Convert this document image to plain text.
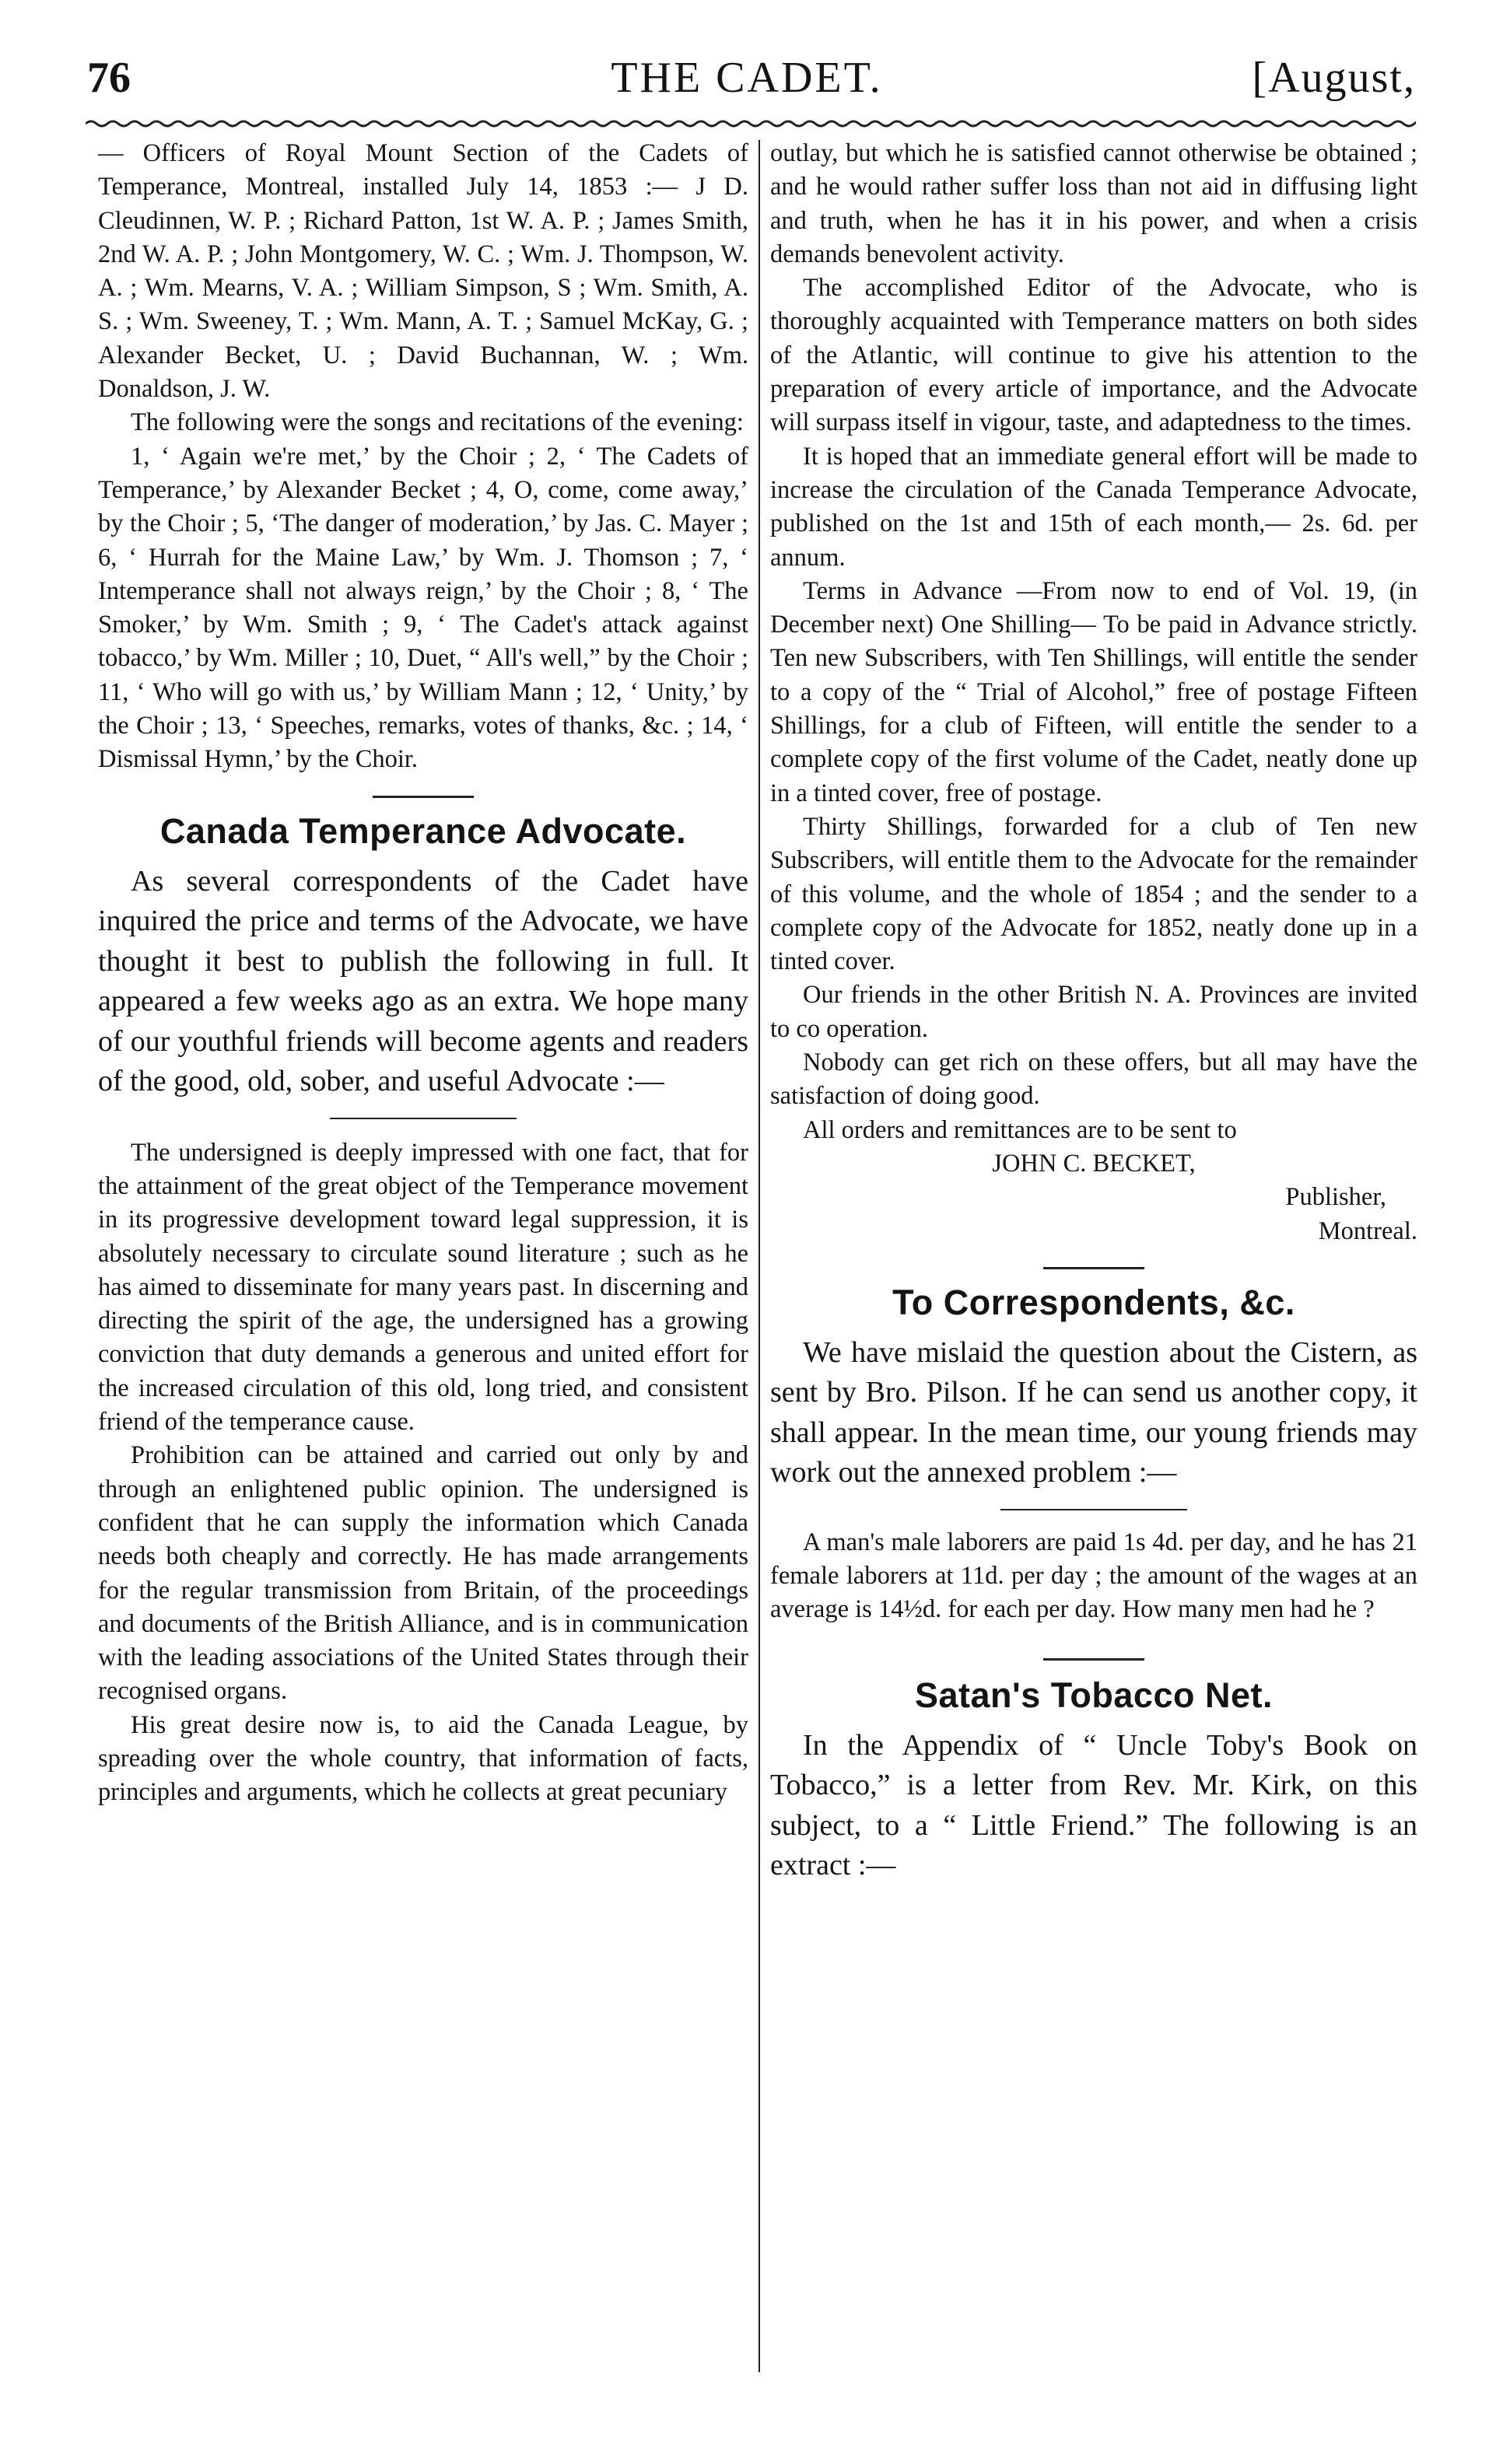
76	THE CADET.	[August,

— Officers of Royal Mount Section of the Cadets of Temperance, Montreal, installed July 14, 1853 :— J D. Cleudinnen, W. P. ; Richard Patton, 1st W. A. P. ; James Smith, 2nd W. A. P. ; John Montgomery, W. C. ; Wm. J. Thompson, W. A. ; Wm. Mearns, V. A. ; William Simpson, S ; Wm. Smith, A. S. ; Wm. Sweeney, T. ; Wm. Mann, A. T. ; Samuel McKay, G. ; Alexander Becket, U. ; David Buchannan, W. ; Wm. Donaldson, J. W.

The following were the songs and recitations of the evening:

1, ‘ Again we're met,’ by the Choir ; 2, ‘ The Cadets of Temperance,’ by Alexander Becket ; 4, O, come, come away,’ by the Choir ; 5, ‘The danger of moderation,’ by Jas. C. Mayer ; 6, ‘ Hurrah for the Maine Law,’ by Wm. J. Thomson ; 7, ‘ Intemperance shall not always reign,’ by the Choir ; 8, ‘ The Smoker,’ by Wm. Smith ; 9, ‘ The Cadet's attack against tobacco,’ by Wm. Miller ; 10, Duet, “ All's well,” by the Choir ; 11, ‘ Who will go with us,’ by William Mann ; 12, ‘ Unity,’ by the Choir ; 13, ‘ Speeches, remarks, votes of thanks, &c. ; 14, ‘ Dismissal Hymn,’ by the Choir.

Canada Temperance Advocate.

As several correspondents of the Cadet have inquired the price and terms of the Advocate, we have thought it best to publish the following in full. It appeared a few weeks ago as an extra. We hope many of our youthful friends will become agents and readers of the good, old, sober, and useful Advocate :—

The undersigned is deeply impressed with one fact, that for the attainment of the great object of the Temperance movement in its progressive development toward legal suppression, it is absolutely necessary to circulate sound literature ; such as he has aimed to disseminate for many years past. In discerning and directing the spirit of the age, the undersigned has a growing conviction that duty demands a generous and united effort for the increased circulation of this old, long tried, and consistent friend of the temperance cause.

Prohibition can be attained and carried out only by and through an enlightened public opinion. The undersigned is confident that he can supply the information which Canada needs both cheaply and correctly. He has made arrangements for the regular transmission from Britain, of the proceedings and documents of the British Alliance, and is in communication with the leading associations of the United States through their recognised organs.

His great desire now is, to aid the Canada League, by spreading over the whole country, that information of facts, principles and arguments, which he collects at great pecuniary

outlay, but which he is satisfied cannot otherwise be obtained ; and he would rather suffer loss than not aid in diffusing light and truth, when he has it in his power, and when a crisis demands benevolent activity.

The accomplished Editor of the Advocate, who is thoroughly acquainted with Temperance matters on both sides of the Atlantic, will continue to give his attention to the preparation of every article of importance, and the Advocate will surpass itself in vigour, taste, and adaptedness to the times.

It is hoped that an immediate general effort will be made to increase the circulation of the Canada Temperance Advocate, published on the 1st and 15th of each month,— 2s. 6d. per annum.

Terms in Advance —From now to end of Vol. 19, (in December next) One Shilling— To be paid in Advance strictly. Ten new Subscribers, with Ten Shillings, will entitle the sender to a copy of the “ Trial of Alcohol,” free of postage Fifteen Shillings, for a club of Fifteen, will entitle the sender to a complete copy of the first volume of the Cadet, neatly done up in a tinted cover, free of postage.

Thirty Shillings, forwarded for a club of Ten new Subscribers, will entitle them to the Advocate for the remainder of this volume, and the whole of 1854 ; and the sender to a complete copy of the Advocate for 1852, neatly done up in a tinted cover.

Our friends in the other British N. A. Provinces are invited to co operation.

Nobody can get rich on these offers, but all may have the satisfaction of doing good.

All orders and remittances are to be sent to

JOHN C. BECKET,

Publisher,

Montreal.

To Correspondents, &c.

We have mislaid the question about the Cistern, as sent by Bro. Pilson. If he can send us another copy, it shall appear. In the mean time, our young friends may work out the annexed problem :—

A man's male laborers are paid 1s 4d. per day, and he has 21 female laborers at 11d. per day ; the amount of the wages at an average is 14½d. for each per day. How many men had he ?

Satan's Tobacco Net.

In the Appendix of “ Uncle Toby's Book on Tobacco,” is a letter from Rev. Mr. Kirk, on this subject, to a “ Little Friend.” The following is an extract :—
